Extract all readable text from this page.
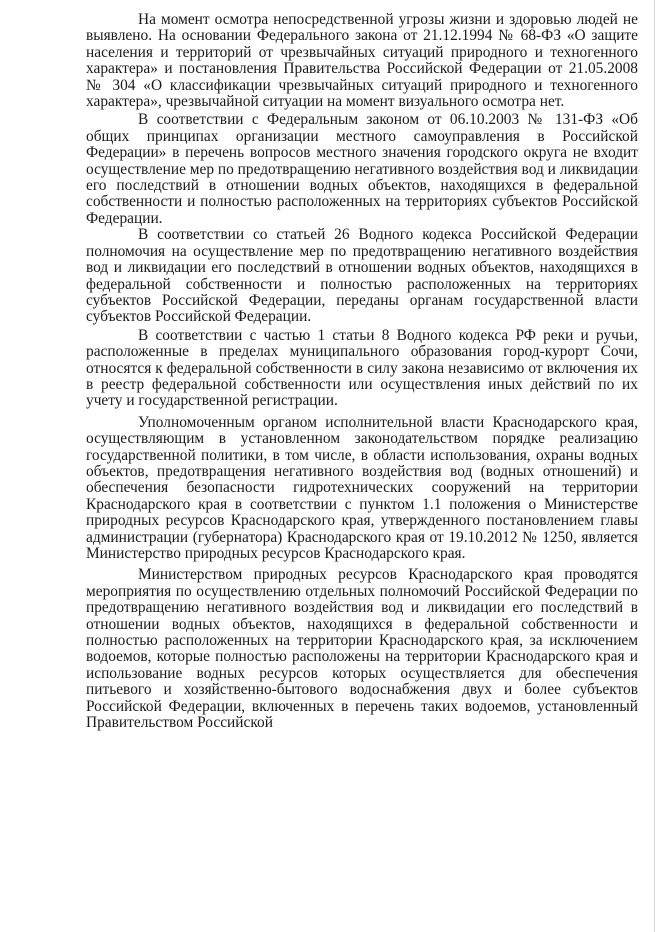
На момент осмотра непосредственной угрозы жизни и здоровью людей не выявлено. На основании Федерального закона от 21.12.1994 № 68-ФЗ «О защите населения и территорий от чрезвычайных ситуаций природного и техногенного характера» и постановления Правительства Российской Федерации от 21.05.2008 № 304 «О классификации чрезвычайных ситуаций природного и техногенного характера», чрезвычайной ситуации на момент визуального осмотра нет.

В соответствии с Федеральным законом от 06.10.2003 № 131-ФЗ «Об общих принципах организации местного самоуправления в Российской Федерации» в перечень вопросов местного значения городского округа не входит осуществление мер по предотвращению негативного воздействия вод и ликвидации его последствий в отношении водных объектов, находящихся в федеральной собственности и полностью расположенных на территориях субъектов Российской Федерации.

В соответствии со статьей 26 Водного кодекса Российской Федерации полномочия на осуществление мер по предотвращению негативного воздействия вод и ликвидации его последствий в отношении водных объектов, находящихся в федеральной собственности и полностью расположенных на территориях субъектов Российской Федерации, переданы органам государственной власти субъектов Российской Федерации.

В соответствии с частью 1 статьи 8 Водного кодекса РФ реки и ручьи, расположенные в пределах муниципального образования город-курорт Сочи, относятся к федеральной собственности в силу закона независимо от включения их в реестр федеральной собственности или осуществления иных действий по их учету и государственной регистрации.

Уполномоченным органом исполнительной власти Краснодарского края, осуществляющим в установленном законодательством порядке реализацию государственной политики, в том числе, в области использования, охраны водных объектов, предотвращения негативного воздействия вод (водных отношений) и обеспечения безопасности гидротехнических сооружений на территории Краснодарского края в соответствии с пунктом 1.1 положения о Министерстве природных ресурсов Краснодарского края, утвержденного постановлением главы администрации (губернатора) Краснодарского края от 19.10.2012 № 1250, является Министерство природных ресурсов Краснодарского края.

Министерством природных ресурсов Краснодарского края проводятся мероприятия по осуществлению отдельных полномочий Российской Федерации по предотвращению негативного воздействия вод и ликвидации его последствий в отношении водных объектов, находящихся в федеральной собственности и полностью расположенных на территории Краснодарского края, за исключением водоемов, которые полностью расположены на территории Краснодарского края и использование водных ресурсов которых осуществляется для обеспечения питьевого и хозяйственно-бытового водоснабжения двух и более субъектов Российской Федерации, включенных в перечень таких водоемов, установленный Правительством Российской
